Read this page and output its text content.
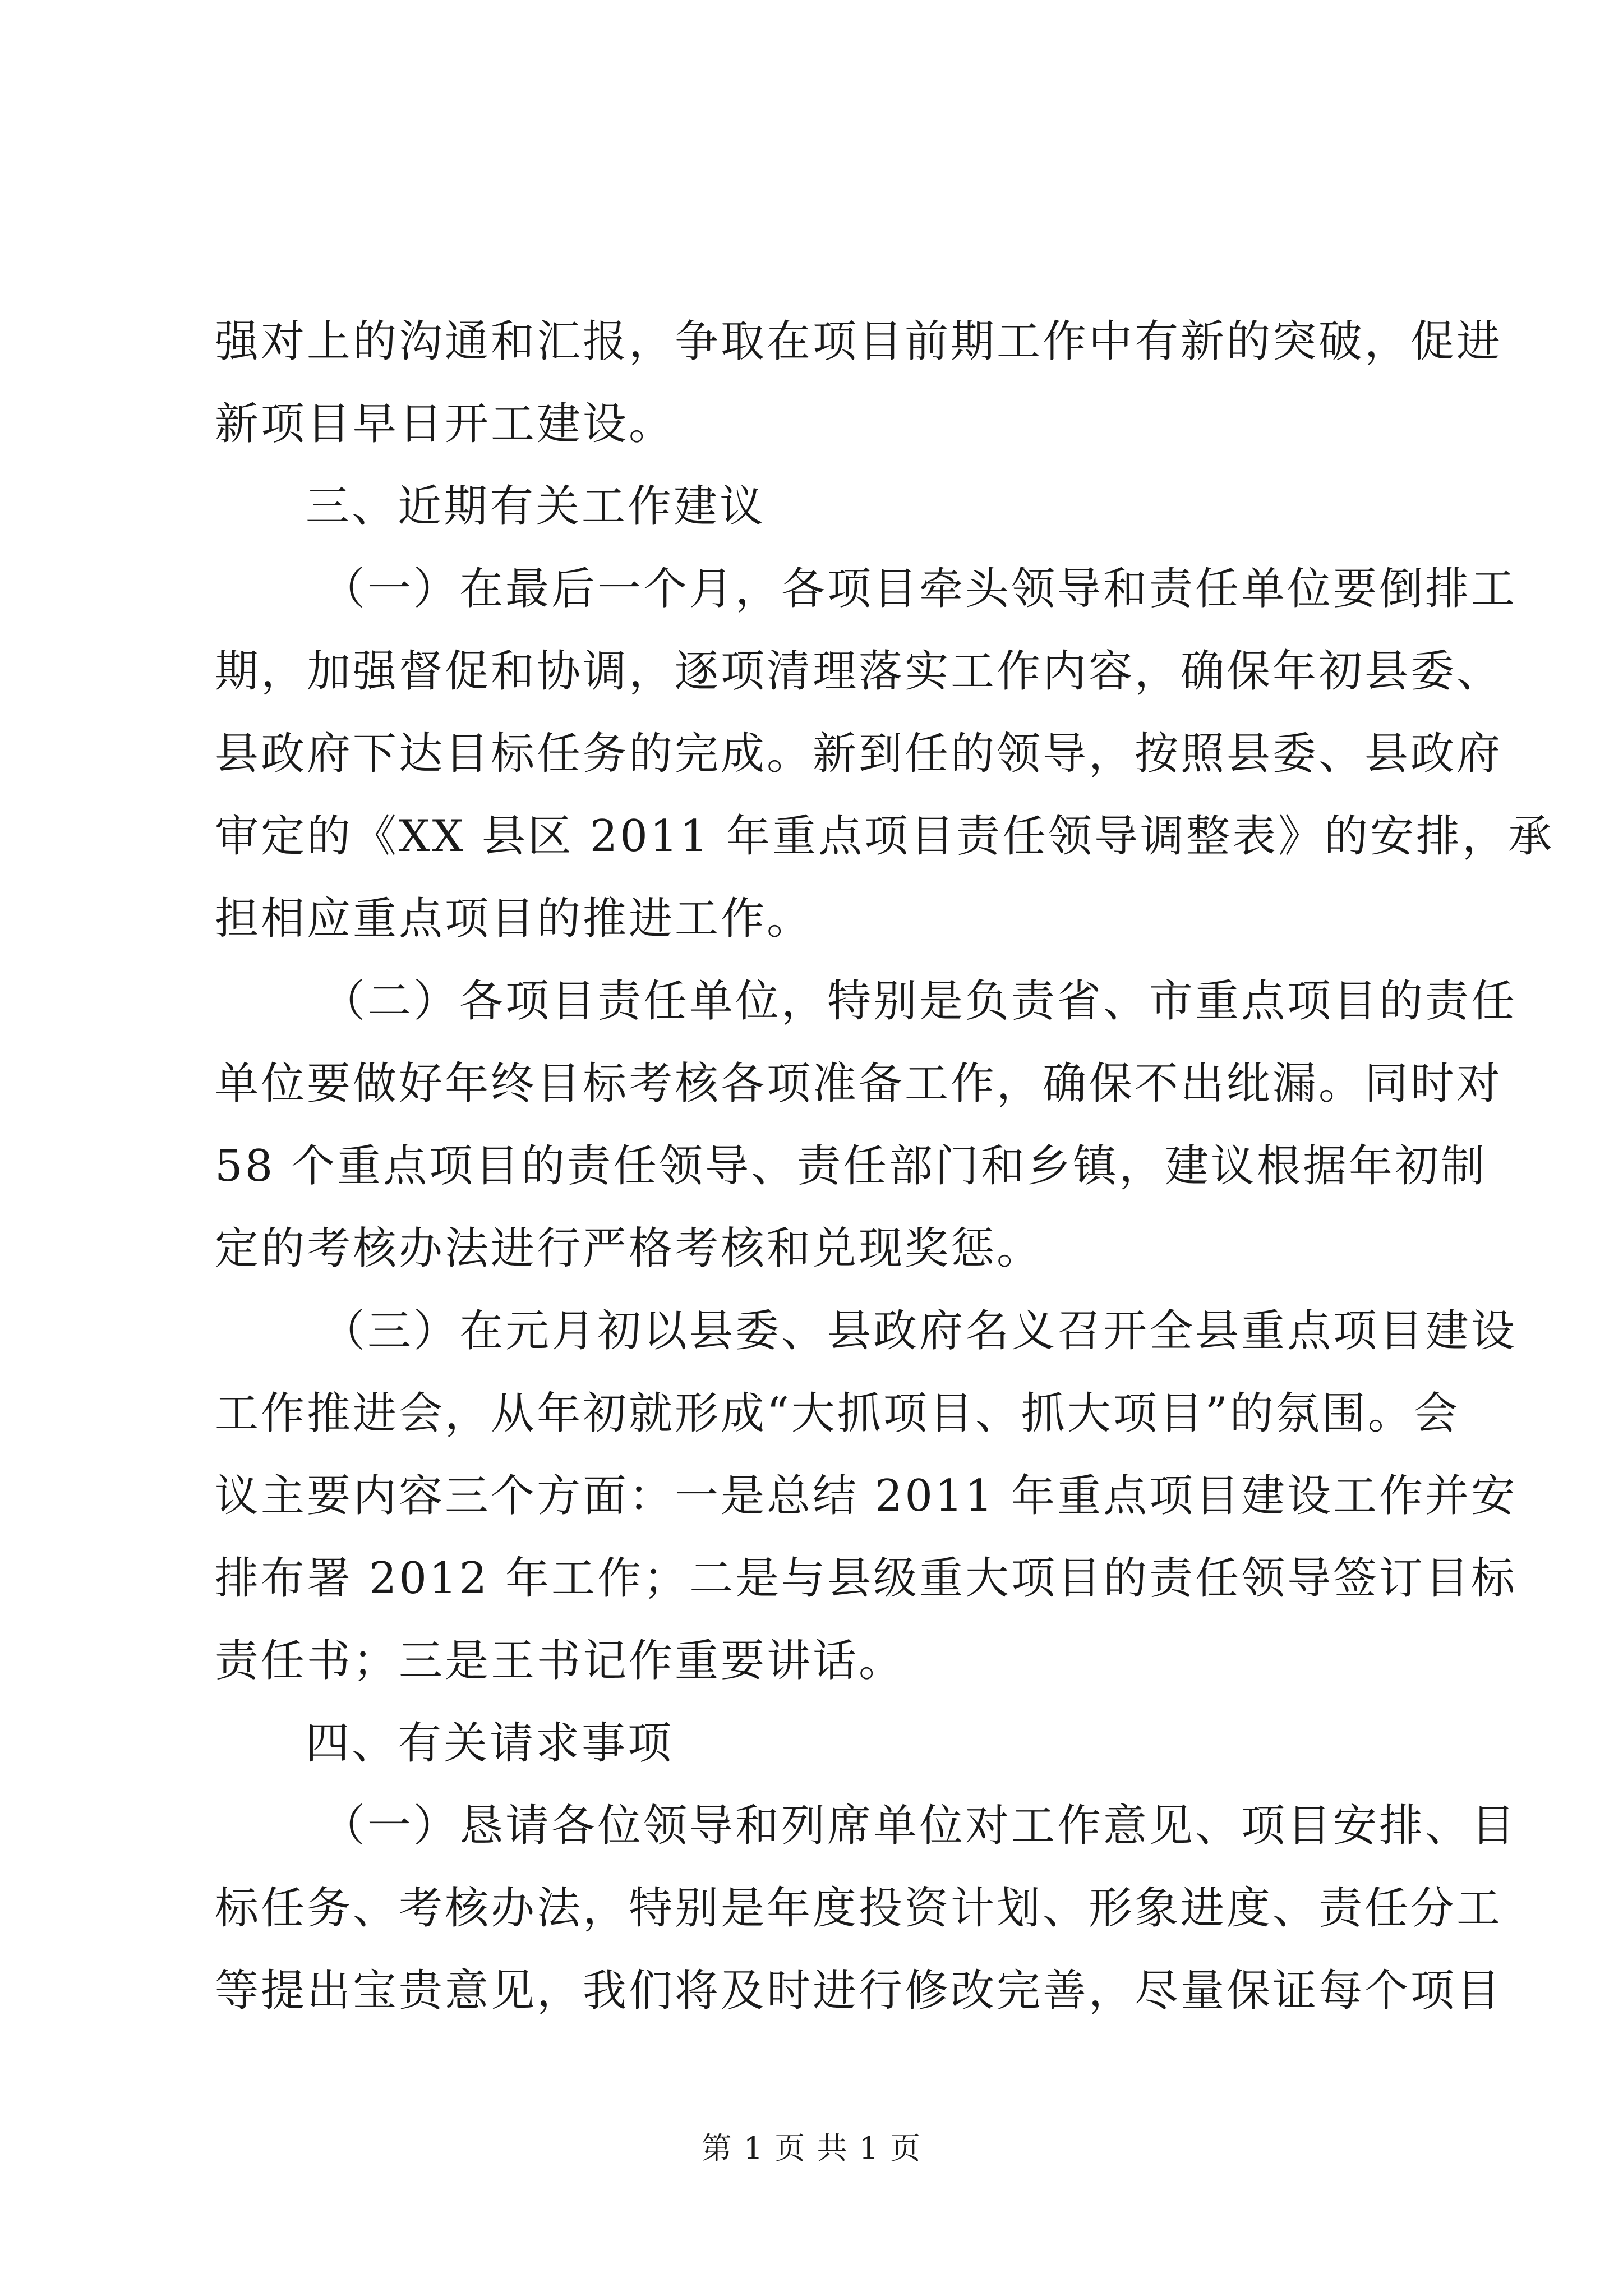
强对上的沟通和汇报，争取在项目前期工作中有新的突破，促进
新项目早日开工建设。
三、近期有关工作建议
（一）在最后一个月，各项目牵头领导和责任单位要倒排工
期，加强督促和协调，逐项清理落实工作内容，确保年初县委、
县政府下达目标任务的完成。新到任的领导，按照县委、县政府
审定的《XX 县区 2011 年重点项目责任领导调整表》的安排，承
担相应重点项目的推进工作。
（二）各项目责任单位，特别是负责省、市重点项目的责任
单位要做好年终目标考核各项准备工作，确保不出纰漏。同时对
58 个重点项目的责任领导、责任部门和乡镇，建议根据年初制
定的考核办法进行严格考核和兑现奖惩。
（三）在元月初以县委、县政府名义召开全县重点项目建设
工作推进会，从年初就形成“大抓项目、抓大项目”的氛围。会
议主要内容三个方面：一是总结 2011 年重点项目建设工作并安
排布署 2012 年工作；二是与县级重大项目的责任领导签订目标
责任书；三是王书记作重要讲话。
四、有关请求事项
（一）恳请各位领导和列席单位对工作意见、项目安排、目
标任务、考核办法，特别是年度投资计划、形象进度、责任分工
等提出宝贵意见，我们将及时进行修改完善，尽量保证每个项目
第 1 页 共 1 页
